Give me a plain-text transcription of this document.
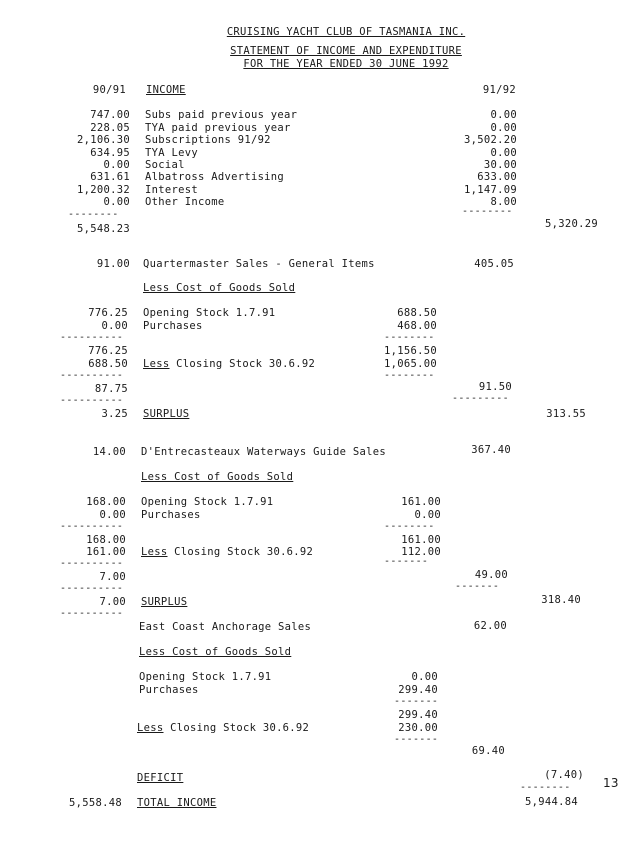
CRUISING YACHT CLUB OF TASMANIA INC.
STATEMENT OF INCOME AND EXPENDITURE
FOR THE YEAR ENDED 30 JUNE 1992
90/91 INCOME	91/92
747.00 Subs paid previous year	0.00
228.05 TYA paid previous year	0.00
2,106.30 Subscriptions 91/92	3,502.20
634.95 TYA Levy	0.00
0.00 Social	30.00
631.61 Albatross Advertising	633.00
1,200.32 Interest	1,147.09
0.00 Other Income	8.00
--------	--------
5,548.23	5,320.29
91.00 Quartermaster Sales - General Items	405.05
Less Cost of Goods Sold
776.25 Opening Stock 1.7.91	688.50
0.00 Purchases	468.00
----------	--------
776.25	1,156.50
688.50 Less Closing Stock 30.6.92	1,065.00
----------	--------
87.75	91.50
----------	---------
3.25 SURPLUS	313.55
14.00 D'Entrecasteaux Waterways Guide Sales	367.40
Less Cost of Goods Sold
168.00 Opening Stock 1.7.91	161.00
0.00 Purchases	0.00
----------	--------
168.00	161.00
161.00 Less Closing Stock 30.6.92	112.00
----------	-------
7.00	49.00
----------	-------
7.00 SURPLUS	318.40
----------
East Coast Anchorage Sales	62.00
Less Cost of Goods Sold
Opening Stock 1.7.91	0.00
Purchases	299.40
-------
299.40
Less Closing Stock 30.6.92	230.00
-------
69.40
DEFICIT	(7.40)
--------	13
5,558.48 TOTAL INCOME	5,944.84
